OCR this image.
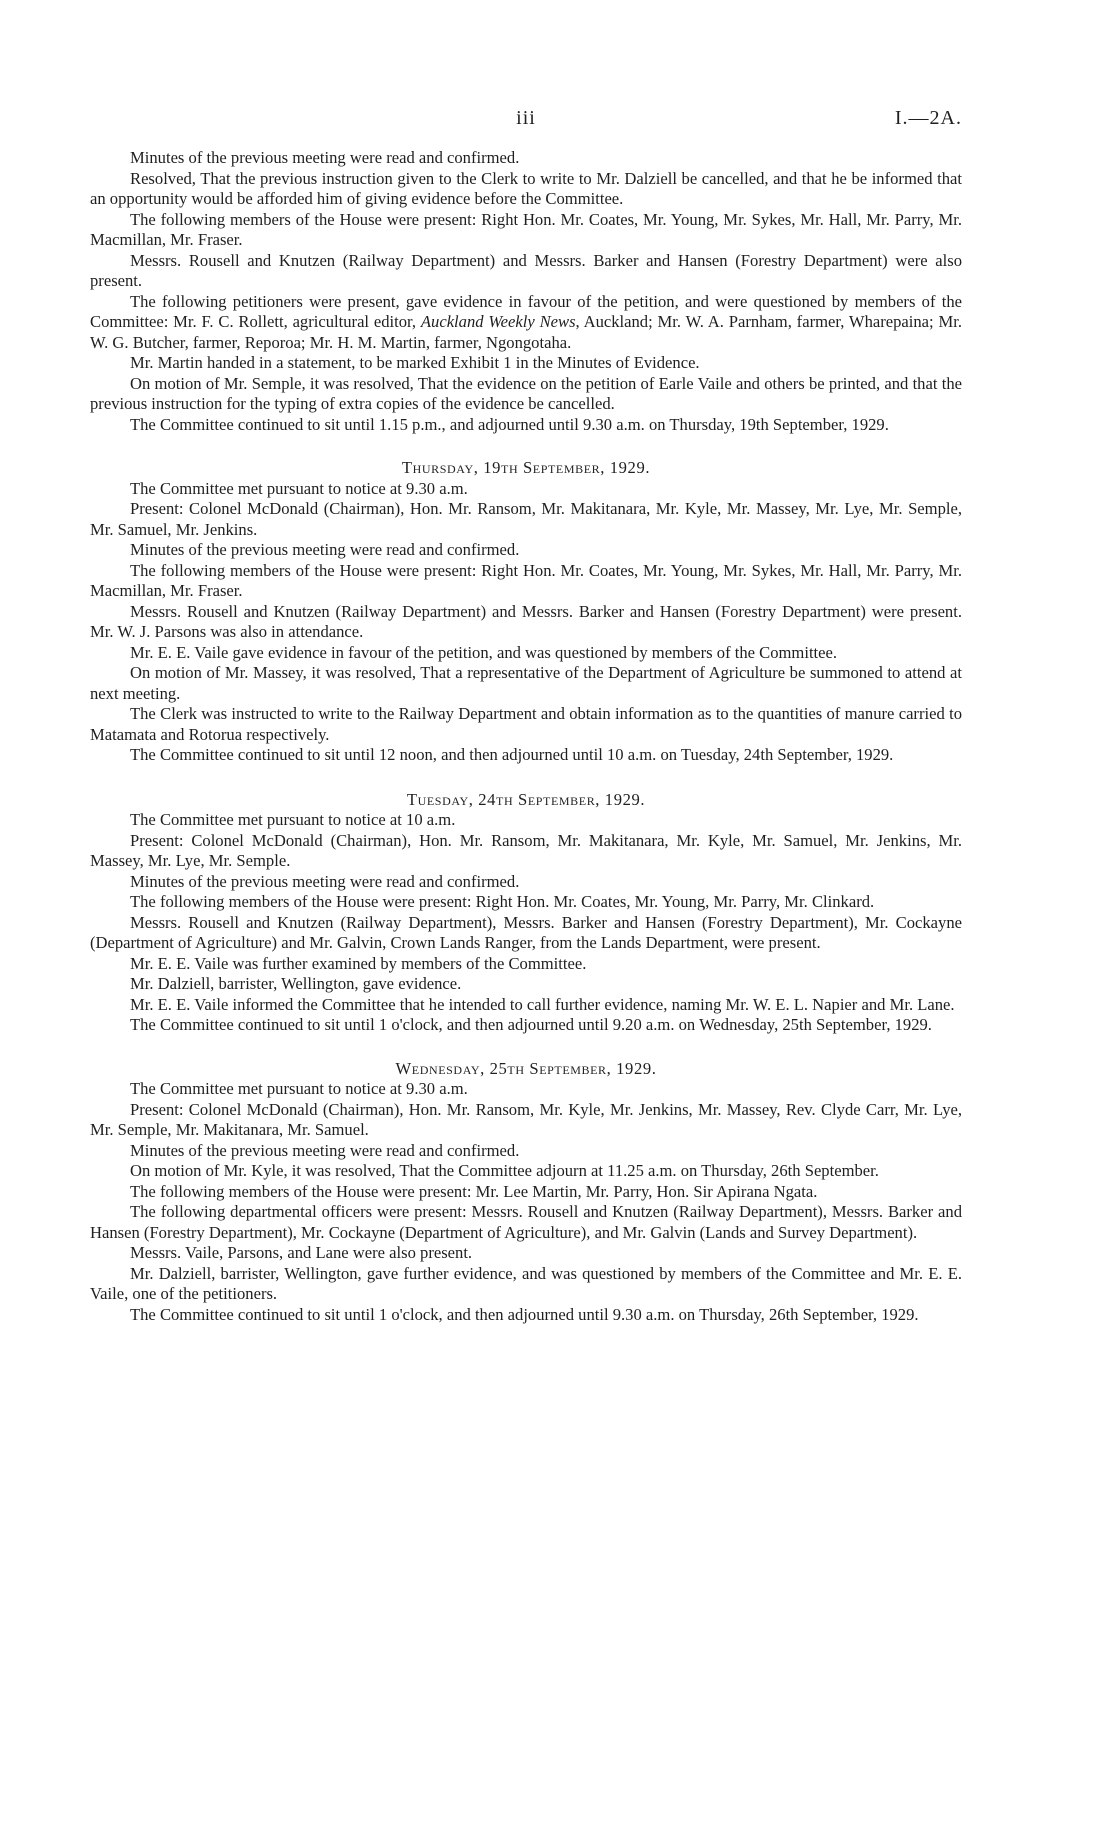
iii	I.—2A.

Minutes of the previous meeting were read and confirmed.

Resolved, That the previous instruction given to the Clerk to write to Mr. Dalziell be cancelled, and that he be informed that an opportunity would be afforded him of giving evidence before the Committee.

The following members of the House were present: Right Hon. Mr. Coates, Mr. Young, Mr. Sykes, Mr. Hall, Mr. Parry, Mr. Macmillan, Mr. Fraser.

Messrs. Rousell and Knutzen (Railway Department) and Messrs. Barker and Hansen (Forestry Department) were also present.

The following petitioners were present, gave evidence in favour of the petition, and were questioned by members of the Committee: Mr. F. C. Rollett, agricultural editor, Auckland Weekly News, Auckland; Mr. W. A. Parnham, farmer, Wharepaina; Mr. W. G. Butcher, farmer, Reporoa; Mr. H. M. Martin, farmer, Ngongotaha.

Mr. Martin handed in a statement, to be marked Exhibit 1 in the Minutes of Evidence.

On motion of Mr. Semple, it was resolved, That the evidence on the petition of Earle Vaile and others be printed, and that the previous instruction for the typing of extra copies of the evidence be cancelled.

The Committee continued to sit until 1.15 p.m., and adjourned until 9.30 a.m. on Thursday, 19th September, 1929.

Thursday, 19th September, 1929.

The Committee met pursuant to notice at 9.30 a.m.

Present: Colonel McDonald (Chairman), Hon. Mr. Ransom, Mr. Makitanara, Mr. Kyle, Mr. Massey, Mr. Lye, Mr. Semple, Mr. Samuel, Mr. Jenkins.

Minutes of the previous meeting were read and confirmed.

The following members of the House were present: Right Hon. Mr. Coates, Mr. Young, Mr. Sykes, Mr. Hall, Mr. Parry, Mr. Macmillan, Mr. Fraser.

Messrs. Rousell and Knutzen (Railway Department) and Messrs. Barker and Hansen (Forestry Department) were present. Mr. W. J. Parsons was also in attendance.

Mr. E. E. Vaile gave evidence in favour of the petition, and was questioned by members of the Committee.

On motion of Mr. Massey, it was resolved, That a representative of the Department of Agriculture be summoned to attend at next meeting.

The Clerk was instructed to write to the Railway Department and obtain information as to the quantities of manure carried to Matamata and Rotorua respectively.

The Committee continued to sit until 12 noon, and then adjourned until 10 a.m. on Tuesday, 24th September, 1929.

Tuesday, 24th September, 1929.

The Committee met pursuant to notice at 10 a.m.

Present: Colonel McDonald (Chairman), Hon. Mr. Ransom, Mr. Makitanara, Mr. Kyle, Mr. Samuel, Mr. Jenkins, Mr. Massey, Mr. Lye, Mr. Semple.

Minutes of the previous meeting were read and confirmed.

The following members of the House were present: Right Hon. Mr. Coates, Mr. Young, Mr. Parry, Mr. Clinkard.

Messrs. Rousell and Knutzen (Railway Department), Messrs. Barker and Hansen (Forestry Department), Mr. Cockayne (Department of Agriculture) and Mr. Galvin, Crown Lands Ranger, from the Lands Department, were present.

Mr. E. E. Vaile was further examined by members of the Committee.

Mr. Dalziell, barrister, Wellington, gave evidence.

Mr. E. E. Vaile informed the Committee that he intended to call further evidence, naming Mr. W. E. L. Napier and Mr. Lane.

The Committee continued to sit until 1 o'clock, and then adjourned until 9.20 a.m. on Wednesday, 25th September, 1929.

Wednesday, 25th September, 1929.

The Committee met pursuant to notice at 9.30 a.m.

Present: Colonel McDonald (Chairman), Hon. Mr. Ransom, Mr. Kyle, Mr. Jenkins, Mr. Massey, Rev. Clyde Carr, Mr. Lye, Mr. Semple, Mr. Makitanara, Mr. Samuel.

Minutes of the previous meeting were read and confirmed.

On motion of Mr. Kyle, it was resolved, That the Committee adjourn at 11.25 a.m. on Thursday, 26th September.

The following members of the House were present: Mr. Lee Martin, Mr. Parry, Hon. Sir Apirana Ngata.

The following departmental officers were present: Messrs. Rousell and Knutzen (Railway Department), Messrs. Barker and Hansen (Forestry Department), Mr. Cockayne (Department of Agriculture), and Mr. Galvin (Lands and Survey Department).

Messrs. Vaile, Parsons, and Lane were also present.

Mr. Dalziell, barrister, Wellington, gave further evidence, and was questioned by members of the Committee and Mr. E. E. Vaile, one of the petitioners.

The Committee continued to sit until 1 o'clock, and then adjourned until 9.30 a.m. on Thursday, 26th September, 1929.
